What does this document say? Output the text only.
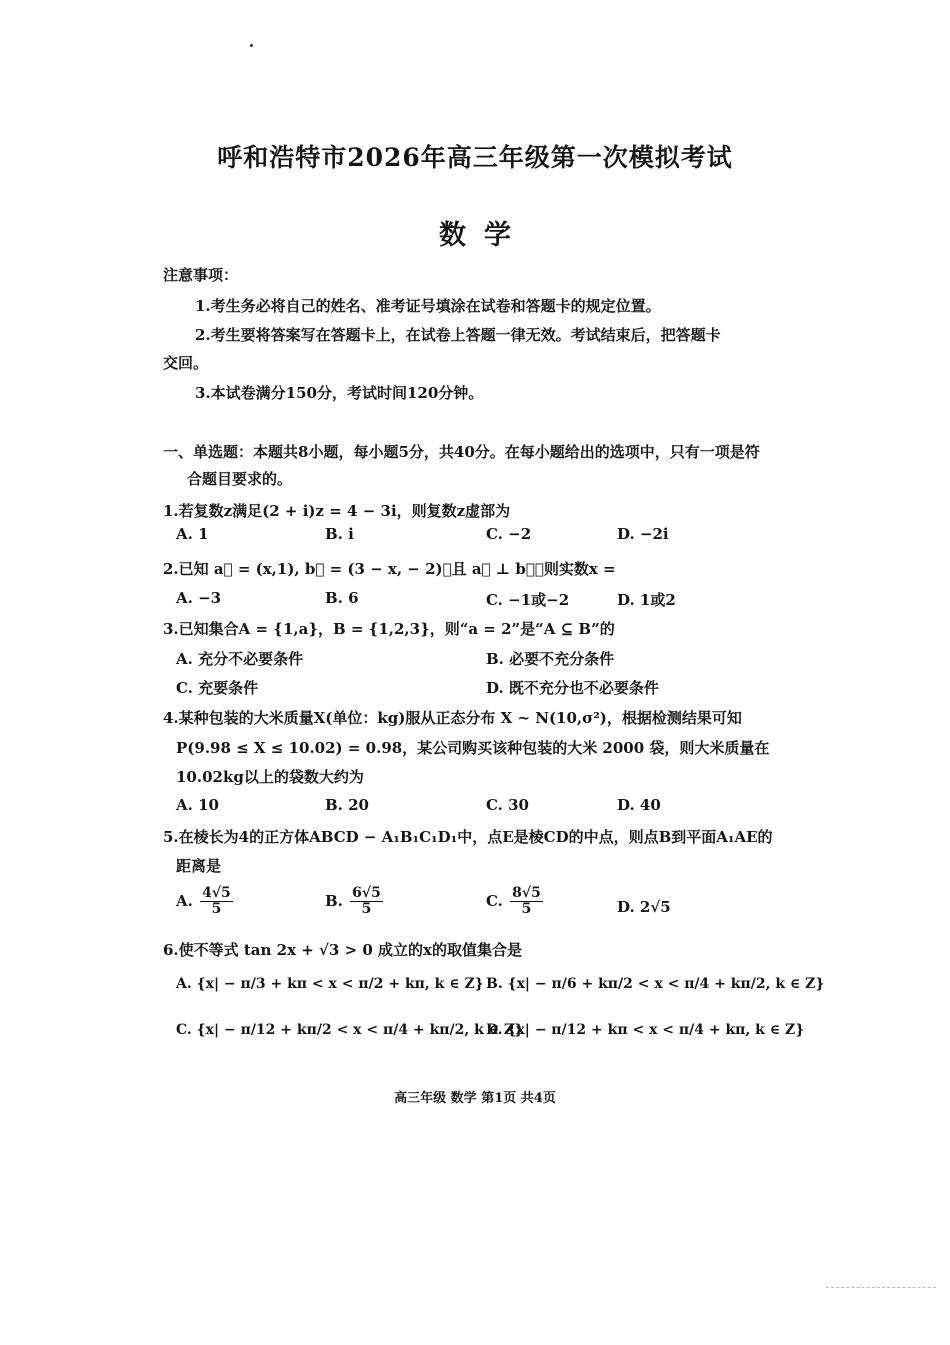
呼和浩特市2026年高三年级第一次模拟考试
数学
注意事项：
1.考生务必将自己的姓名、准考证号填涂在试卷和答题卡的规定位置。
2.考生要将答案写在答题卡上，在试卷上答题一律无效。考试结束后，把答题卡
交回。
3.本试卷满分150分，考试时间120分钟。
一、单选题：本题共8小题，每小题5分，共40分。在每小题给出的选项中，只有一项是符
合题目要求的。
1.若复数z满足(2 + i)z = 4 − 3i，则复数z虚部为
A. 1	B. i	C. −2	D. −2i
2.已知 a⃗ = (x,1), b⃗ = (3 − x, − 2)，且 a⃗ ⊥ b⃗，则实数x =
A. −3	B. 6	C. −1或−2	D. 1或2
3.已知集合A = {1,a}，B = {1,2,3}，则“a = 2”是“A ⊆ B”的
A. 充分不必要条件	B. 必要不充分条件
C. 充要条件	D. 既不充分也不必要条件
4.某种包装的大米质量X(单位：kg)服从正态分布 X ~ N(10,σ²)，根据检测结果可知
P(9.98 ≤ X ≤ 10.02) = 0.98，某公司购买该种包装的大米 2000 袋，则大米质量在
10.02kg以上的袋数大约为
A. 10	B. 20	C. 30	D. 40
5.在棱长为4的正方体ABCD − A₁B₁C₁D₁中，点E是棱CD的中点，则点B到平面A₁AE的
距离是
A. $\frac{4√5}{5}$	B. $\frac{6√5}{5}$	C. $\frac{8√5}{5}$	D. 2√5
6.使不等式 tan 2x + √3 > 0 成立的x的取值集合是
A. {x| − π/3 + kπ < x < π/2 + kπ, k ∈ Z} B. {x| − π/6 + kπ/2 < x < π/4 + kπ/2, k ∈ Z}
C. {x| − π/12 + kπ/2 < x < π/4 + kπ/2, k ∈ Z}
D. {x| − π/12 + kπ < x < π/4 + kπ, k ∈ Z}
高三年级 数学 第1页 共4页
